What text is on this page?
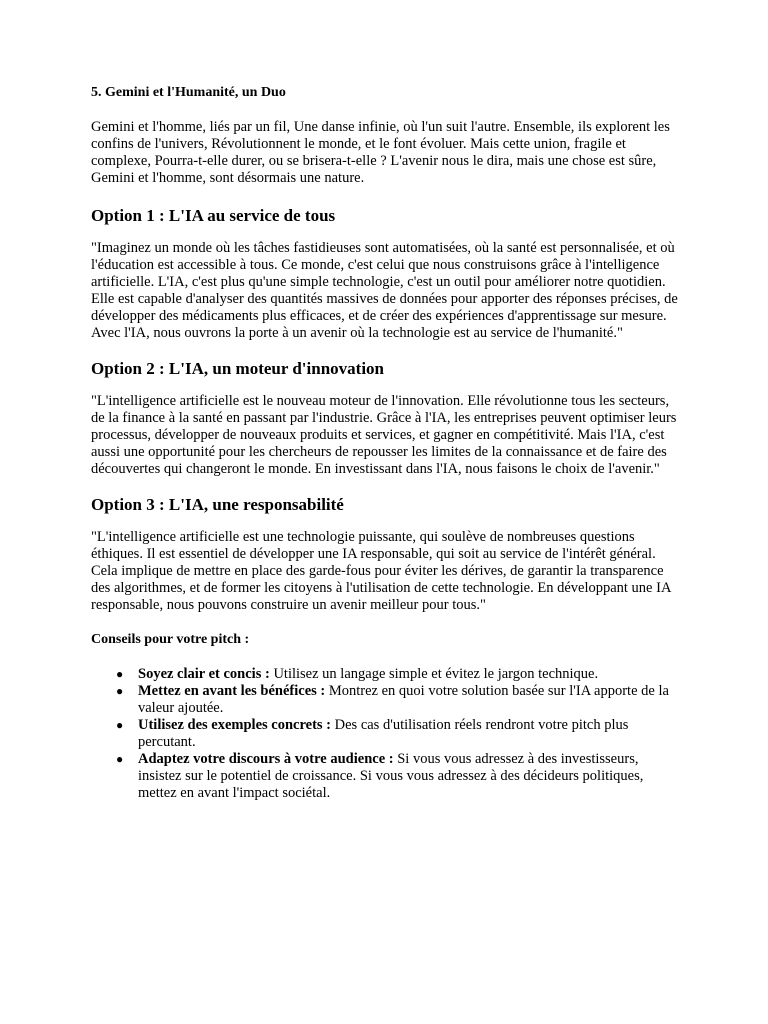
5. Gemini et l'Humanité, un Duo

Gemini et l'homme, liés par un fil, Une danse infinie, où l'un suit l'autre. Ensemble, ils explorent les confins de l'univers, Révolutionnent le monde, et le font évoluer. Mais cette union, fragile et complexe, Pourra-t-elle durer, ou se brisera-t-elle ? L'avenir nous le dira, mais une chose est sûre, Gemini et l'homme, sont désormais une nature.

Option 1 : L'IA au service de tous

"Imaginez un monde où les tâches fastidieuses sont automatisées, où la santé est personnalisée, et où l'éducation est accessible à tous. Ce monde, c'est celui que nous construisons grâce à l'intelligence artificielle. L'IA, c'est plus qu'une simple technologie, c'est un outil pour améliorer notre quotidien. Elle est capable d'analyser des quantités massives de données pour apporter des réponses précises, de développer des médicaments plus efficaces, et de créer des expériences d'apprentissage sur mesure. Avec l'IA, nous ouvrons la porte à un avenir où la technologie est au service de l'humanité."

Option 2 : L'IA, un moteur d'innovation

"L'intelligence artificielle est le nouveau moteur de l'innovation. Elle révolutionne tous les secteurs, de la finance à la santé en passant par l'industrie. Grâce à l'IA, les entreprises peuvent optimiser leurs processus, développer de nouveaux produits et services, et gagner en compétitivité. Mais l'IA, c'est aussi une opportunité pour les chercheurs de repousser les limites de la connaissance et de faire des découvertes qui changeront le monde. En investissant dans l'IA, nous faisons le choix de l'avenir."

Option 3 : L'IA, une responsabilité

"L'intelligence artificielle est une technologie puissante, qui soulève de nombreuses questions éthiques. Il est essentiel de développer une IA responsable, qui soit au service de l'intérêt général. Cela implique de mettre en place des garde-fous pour éviter les dérives, de garantir la transparence des algorithmes, et de former les citoyens à l'utilisation de cette technologie. En développant une IA responsable, nous pouvons construire un avenir meilleur pour tous."

Conseils pour votre pitch :
● Soyez clair et concis : Utilisez un langage simple et évitez le jargon technique.
● Mettez en avant les bénéfices : Montrez en quoi votre solution basée sur l'IA apporte de la valeur ajoutée.
● Utilisez des exemples concrets : Des cas d'utilisation réels rendront votre pitch plus percutant.
● Adaptez votre discours à votre audience : Si vous vous adressez à des investisseurs, insistez sur le potentiel de croissance. Si vous vous adressez à des décideurs politiques, mettez en avant l'impact sociétal.
